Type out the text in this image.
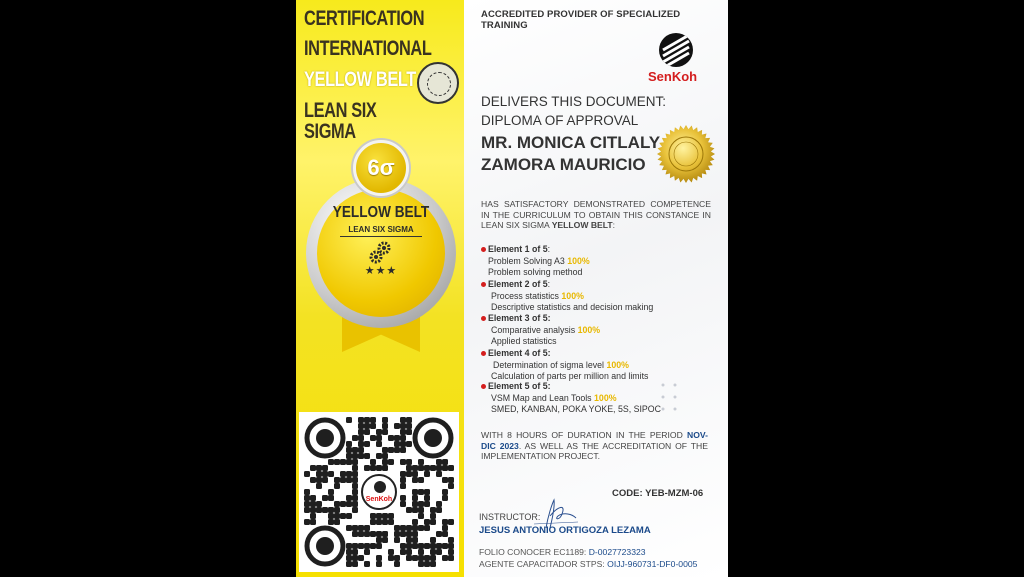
CERTIFICATION
INTERNATIONAL
YELLOW BELT
LEAN SIX SIGMA
6σ
YELLOW BELT
LEAN SIX SIGMA
★★★
SenKoh
ACCREDITED PROVIDER OF SPECIALIZED TRAINING
SenKoh
DELIVERS THIS DOCUMENT:
DIPLOMA OF APPROVAL
MR. MONICA CITLALY ZAMORA MAURICIO
HAS SATISFACTORY DEMONSTRATED COMPETENCE IN THE CURRICULUM TO OBTAIN THIS CONSTANCE IN LEAN SIX SIGMA YELLOW BELT:
Element 1 of 5:
Problem Solving A3 100%
Problem solving method
Element 2 of 5:
Process statistics 100%
Descriptive statistics and decision making
Element 3 of 5:
Comparative analysis 100%
Applied statistics
Element 4 of 5:
Determination of sigma level 100%
Calculation of parts per million and limits
Element 5 of 5:
VSM Map and Lean Tools 100%
SMED, KANBAN, POKA YOKE, 5S, SIPOC
WITH 8 HOURS OF DURATION IN THE PERIOD NOV- DIC 2023. AS WELL AS THE ACCREDITATION OF THE IMPLEMENTATION PROJECT.
CODE: YEB-MZM-06
INSTRUCTOR:
JESUS ANTONIO ORTIGOZA LEZAMA
FOLIO CONOCER EC1189: D-0027723323
AGENTE CAPACITADOR STPS: OIJJ-960731-DF0-0005
